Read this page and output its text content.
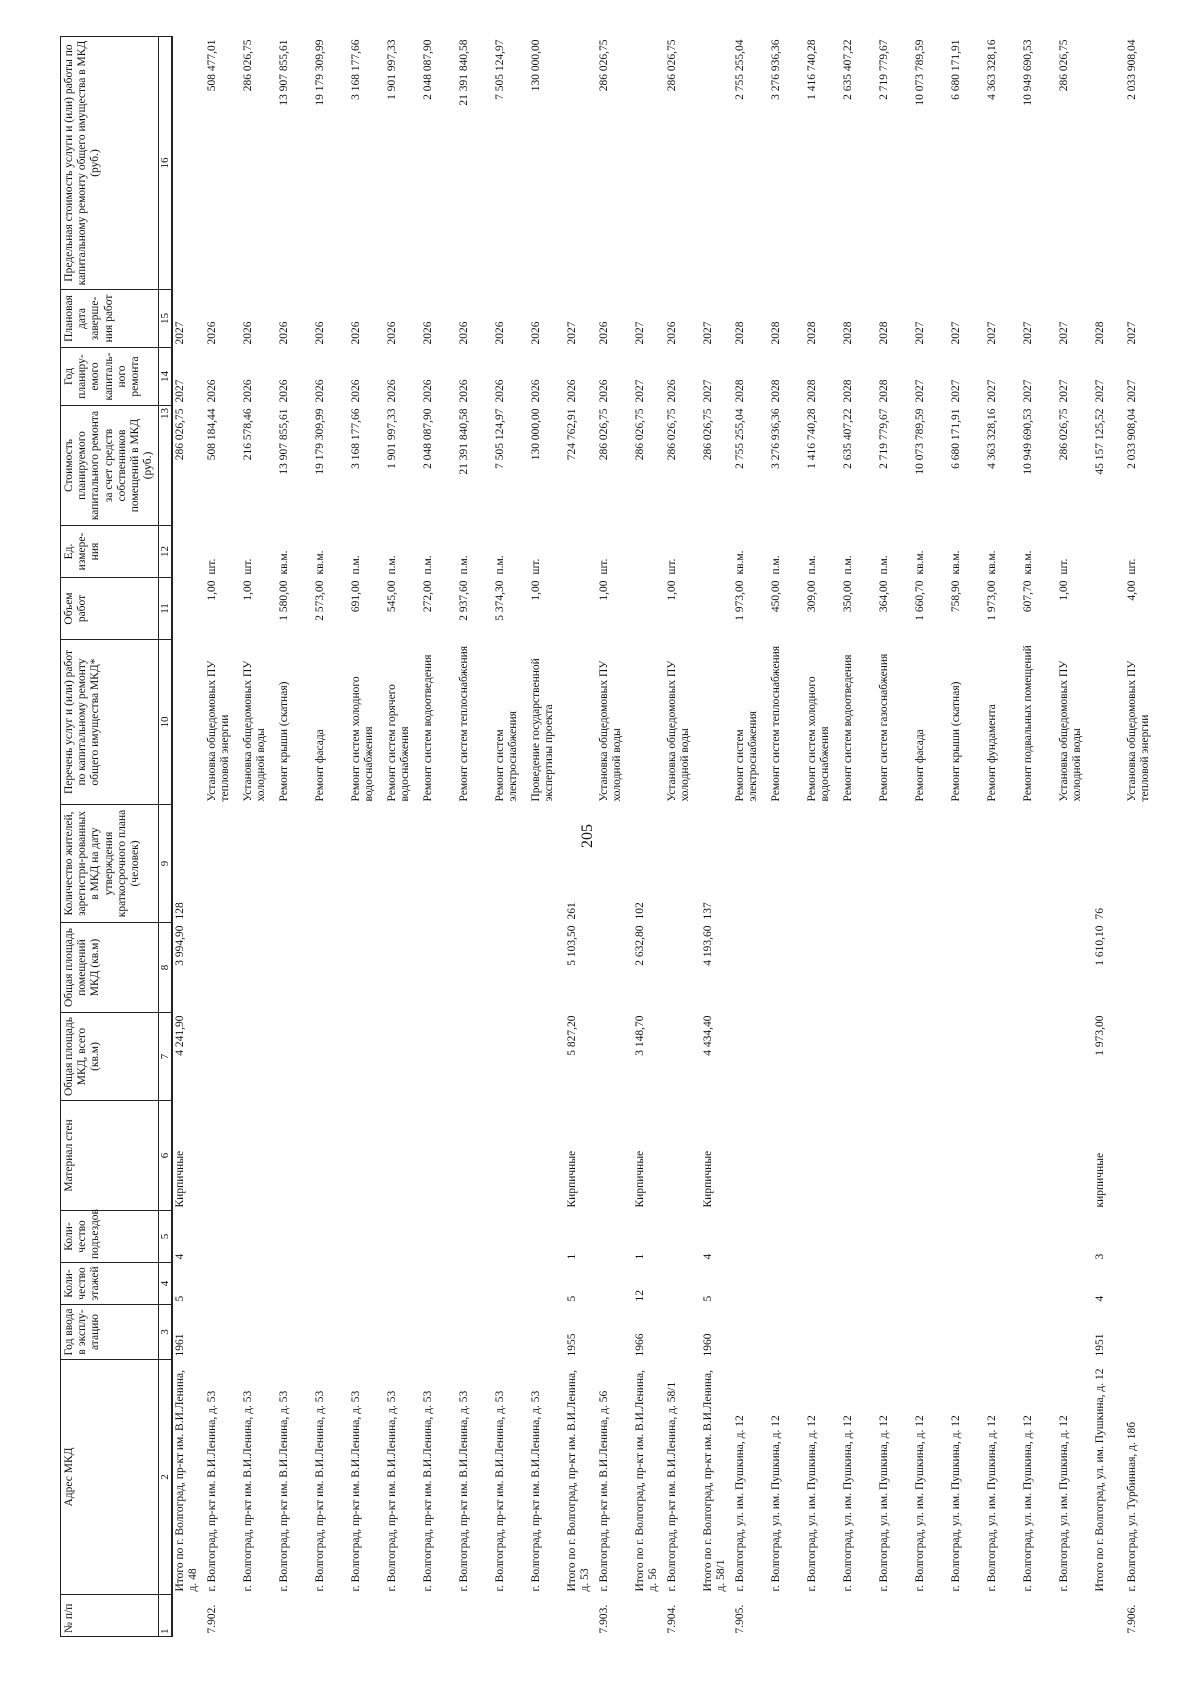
205
№ п/п	Адрес МКД	Год ввода в эксплу-атацию	Коли-чество этажей	Коли-чество подъездов	Материал стен	Общая площадь МКД, всего (кв.м)	Общая площадь помещений МКД (кв.м)	Количество жителей, зарегистри-рованных в МКД на дату утверждения краткосрочного плана (человек)	Перечень услуг и (или) работ по капитальному ремонту общего имущества МКД*	Объем работ	Ед. измере-ния	Стоимость планируемого капитального ремонта за счет средств собственников помещений в МКД (руб.)	Год планиру-емого капиталь-ного ремонта	Плановая дата заверше-ния работ	Предельная стоимость услуги и (или) работы по капитальному ремонту общего имущества в МКД (руб.)
1	2	3	4	5	6	7	8	9	10	11	12	13	14	15	16
	Итого по г. Волгоград, пр-кт им. В.И.Ленина, д. 48	1961	5	4	Кирпичные	4 241,90	3 994,90	128				286 026,75	2027	2027	
7.902.	г. Волгоград, пр-кт им. В.И.Ленина, д. 53								Установка общедомовых ПУ тепловой энергии	1,00	шт.	508 184,44	2026	2026	508 477,01
	г. Волгоград, пр-кт им. В.И.Ленина, д. 53								Установка общедомовых ПУ холодной воды	1,00	шт.	216 578,46	2026	2026	286 026,75
	г. Волгоград, пр-кт им. В.И.Ленина, д. 53								Ремонт крыши (скатная)	1 580,00	кв.м.	13 907 855,61	2026	2026	13 907 855,61
	г. Волгоград, пр-кт им. В.И.Ленина, д. 53								Ремонт фасада	2 573,00	кв.м.	19 179 309,99	2026	2026	19 179 309,99
	г. Волгоград, пр-кт им. В.И.Ленина, д. 53								Ремонт систем холодного водоснабжения	691,00	п.м.	3 168 177,66	2026	2026	3 168 177,66
	г. Волгоград, пр-кт им. В.И.Ленина, д. 53								Ремонт систем горячего водоснабжения	545,00	п.м.	1 901 997,33	2026	2026	1 901 997,33
	г. Волгоград, пр-кт им. В.И.Ленина, д. 53								Ремонт систем водоотведения	272,00	п.м.	2 048 087,90	2026	2026	2 048 087,90
	г. Волгоград, пр-кт им. В.И.Ленина, д. 53								Ремонт систем теплоснабжения	2 937,60	п.м.	21 391 840,58	2026	2026	21 391 840,58
	г. Волгоград, пр-кт им. В.И.Ленина, д. 53								Ремонт систем электроснабжения	5 374,30	п.м.	7 505 124,97	2026	2026	7 505 124,97
	г. Волгоград, пр-кт им. В.И.Ленина, д. 53								Проведение государственной экспертизы проекта	1,00	шт.	130 000,00	2026	2026	130 000,00
	Итого по г. Волгоград, пр-кт им. В.И.Ленина, д. 53	1955	5	1	Кирпичные	5 827,20	5 103,50	261				724 762,91	2026	2027	
7.903.	г. Волгоград, пр-кт им. В.И.Ленина, д. 56								Установка общедомовых ПУ холодной воды	1,00	шт.	286 026,75	2026	2026	286 026,75
	Итого по г. Волгоград, пр-кт им. В.И.Ленина, д. 56	1966	12	1	Кирпичные	3 148,70	2 632,80	102				286 026,75	2027	2027	
7.904.	г. Волгоград, пр-кт им. В.И.Ленина, д. 58/1								Установка общедомовых ПУ холодной воды	1,00	шт.	286 026,75	2026	2026	286 026,75
	Итого по г. Волгоград, пр-кт им. В.И.Ленина, д. 58/1	1960	5	4	Кирпичные	4 434,40	4 193,60	137				286 026,75	2027	2027	
7.905.	г. Волгоград, ул. им. Пушкина, д. 12								Ремонт систем электроснабжения	1 973,00	кв.м.	2 755 255,04	2028	2028	2 755 255,04
	г. Волгоград, ул. им. Пушкина, д. 12								Ремонт систем теплоснабжения	450,00	п.м.	3 276 936,36	2028	2028	3 276 936,36
	г. Волгоград, ул. им. Пушкина, д. 12								Ремонт систем холодного водоснабжения	309,00	п.м.	1 416 740,28	2028	2028	1 416 740,28
	г. Волгоград, ул. им. Пушкина, д. 12								Ремонт систем водоотведения	350,00	п.м.	2 635 407,22	2028	2028	2 635 407,22
	г. Волгоград, ул. им. Пушкина, д. 12								Ремонт систем газоснабжения	364,00	п.м.	2 719 779,67	2028	2028	2 719 779,67
	г. Волгоград, ул. им. Пушкина, д. 12								Ремонт фасада	1 660,70	кв.м.	10 073 789,59	2027	2027	10 073 789,59
	г. Волгоград, ул. им. Пушкина, д. 12								Ремонт крыши (скатная)	758,90	кв.м.	6 680 171,91	2027	2027	6 680 171,91
	г. Волгоград, ул. им. Пушкина, д. 12								Ремонт фундамента	1 973,00	кв.м.	4 363 328,16	2027	2027	4 363 328,16
	г. Волгоград, ул. им. Пушкина, д. 12								Ремонт подвальных помещений	607,70	кв.м.	10 949 690,53	2027	2027	10 949 690,53
	г. Волгоград, ул. им. Пушкина, д. 12								Установка общедомовых ПУ холодной воды	1,00	шт.	286 026,75	2027	2027	286 026,75
	Итого по г. Волгоград, ул. им. Пушкина, д. 12	1951	4	3	кирпичные	1 973,00	1 610,10	76				45 157 125,52	2027	2028	
7.906.	г. Волгоград, ул. Турбинная, д. 18б								Установка общедомовых ПУ тепловой энергии	4,00	шт.	2 033 908,04	2027	2027	2 033 908,04
